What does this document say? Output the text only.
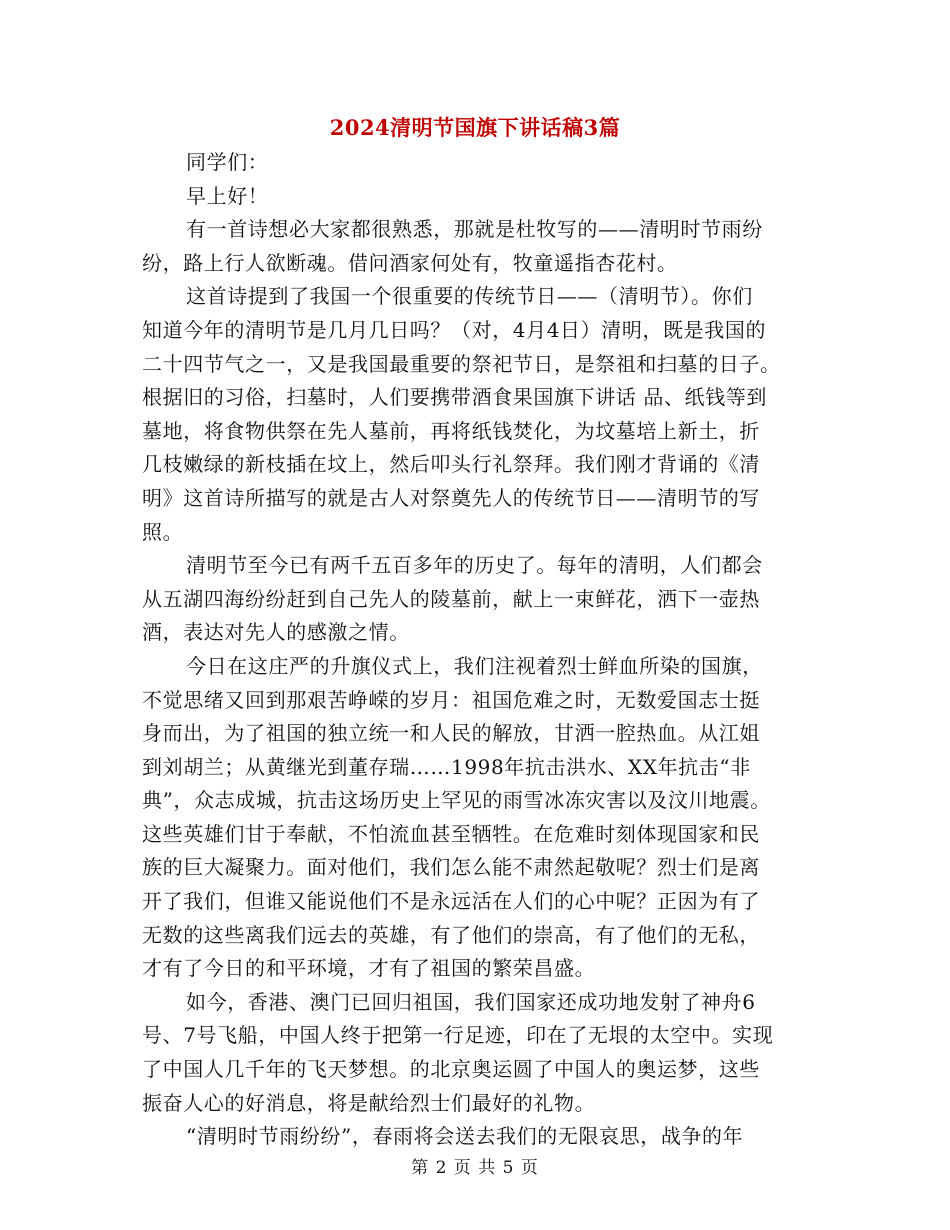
2024清明节国旗下讲话稿3篇
同学们：
早上好！
有一首诗想必大家都很熟悉，那就是杜牧写的——清明时节雨纷
纷，路上行人欲断魂。借问酒家何处有，牧童遥指杏花村。
这首诗提到了我国一个很重要的传统节日——（清明节）。你们
知道今年的清明节是几月几日吗？（对，4月4日）清明，既是我国的
二十四节气之一，又是我国最重要的祭祀节日，是祭祖和扫墓的日子。
根据旧的习俗，扫墓时，人们要携带酒食果国旗下讲话 品、纸钱等到
墓地，将食物供祭在先人墓前，再将纸钱焚化，为坟墓培上新土，折
几枝嫩绿的新枝插在坟上，然后叩头行礼祭拜。我们刚才背诵的《清
明》这首诗所描写的就是古人对祭奠先人的传统节日——清明节的写
照。
清明节至今已有两千五百多年的历史了。每年的清明，人们都会
从五湖四海纷纷赶到自己先人的陵墓前，献上一束鲜花，洒下一壶热
酒，表达对先人的感激之情。
今日在这庄严的升旗仪式上，我们注视着烈士鲜血所染的国旗，
不觉思绪又回到那艰苦峥嵘的岁月：祖国危难之时，无数爱国志士挺
身而出，为了祖国的独立统一和人民的解放，甘洒一腔热血。从江姐
到刘胡兰；从黄继光到董存瑞……1998年抗击洪水、XX年抗击“非
典”，众志成城，抗击这场历史上罕见的雨雪冰冻灾害以及汶川地震。
这些英雄们甘于奉献，不怕流血甚至牺牲。在危难时刻体现国家和民
族的巨大凝聚力。面对他们，我们怎么能不肃然起敬呢？烈士们是离
开了我们，但谁又能说他们不是永远活在人们的心中呢？正因为有了
无数的这些离我们远去的英雄，有了他们的崇高，有了他们的无私，
才有了今日的和平环境，才有了祖国的繁荣昌盛。
如今，香港、澳门已回归祖国，我们国家还成功地发射了神舟6
号、7号飞船，中国人终于把第一行足迹，印在了无垠的太空中。实现
了中国人几千年的飞天梦想。的北京奥运圆了中国人的奥运梦，这些
振奋人心的好消息，将是献给烈士们最好的礼物。
“清明时节雨纷纷”，春雨将会送去我们的无限哀思，战争的年
第 2 页 共 5 页
